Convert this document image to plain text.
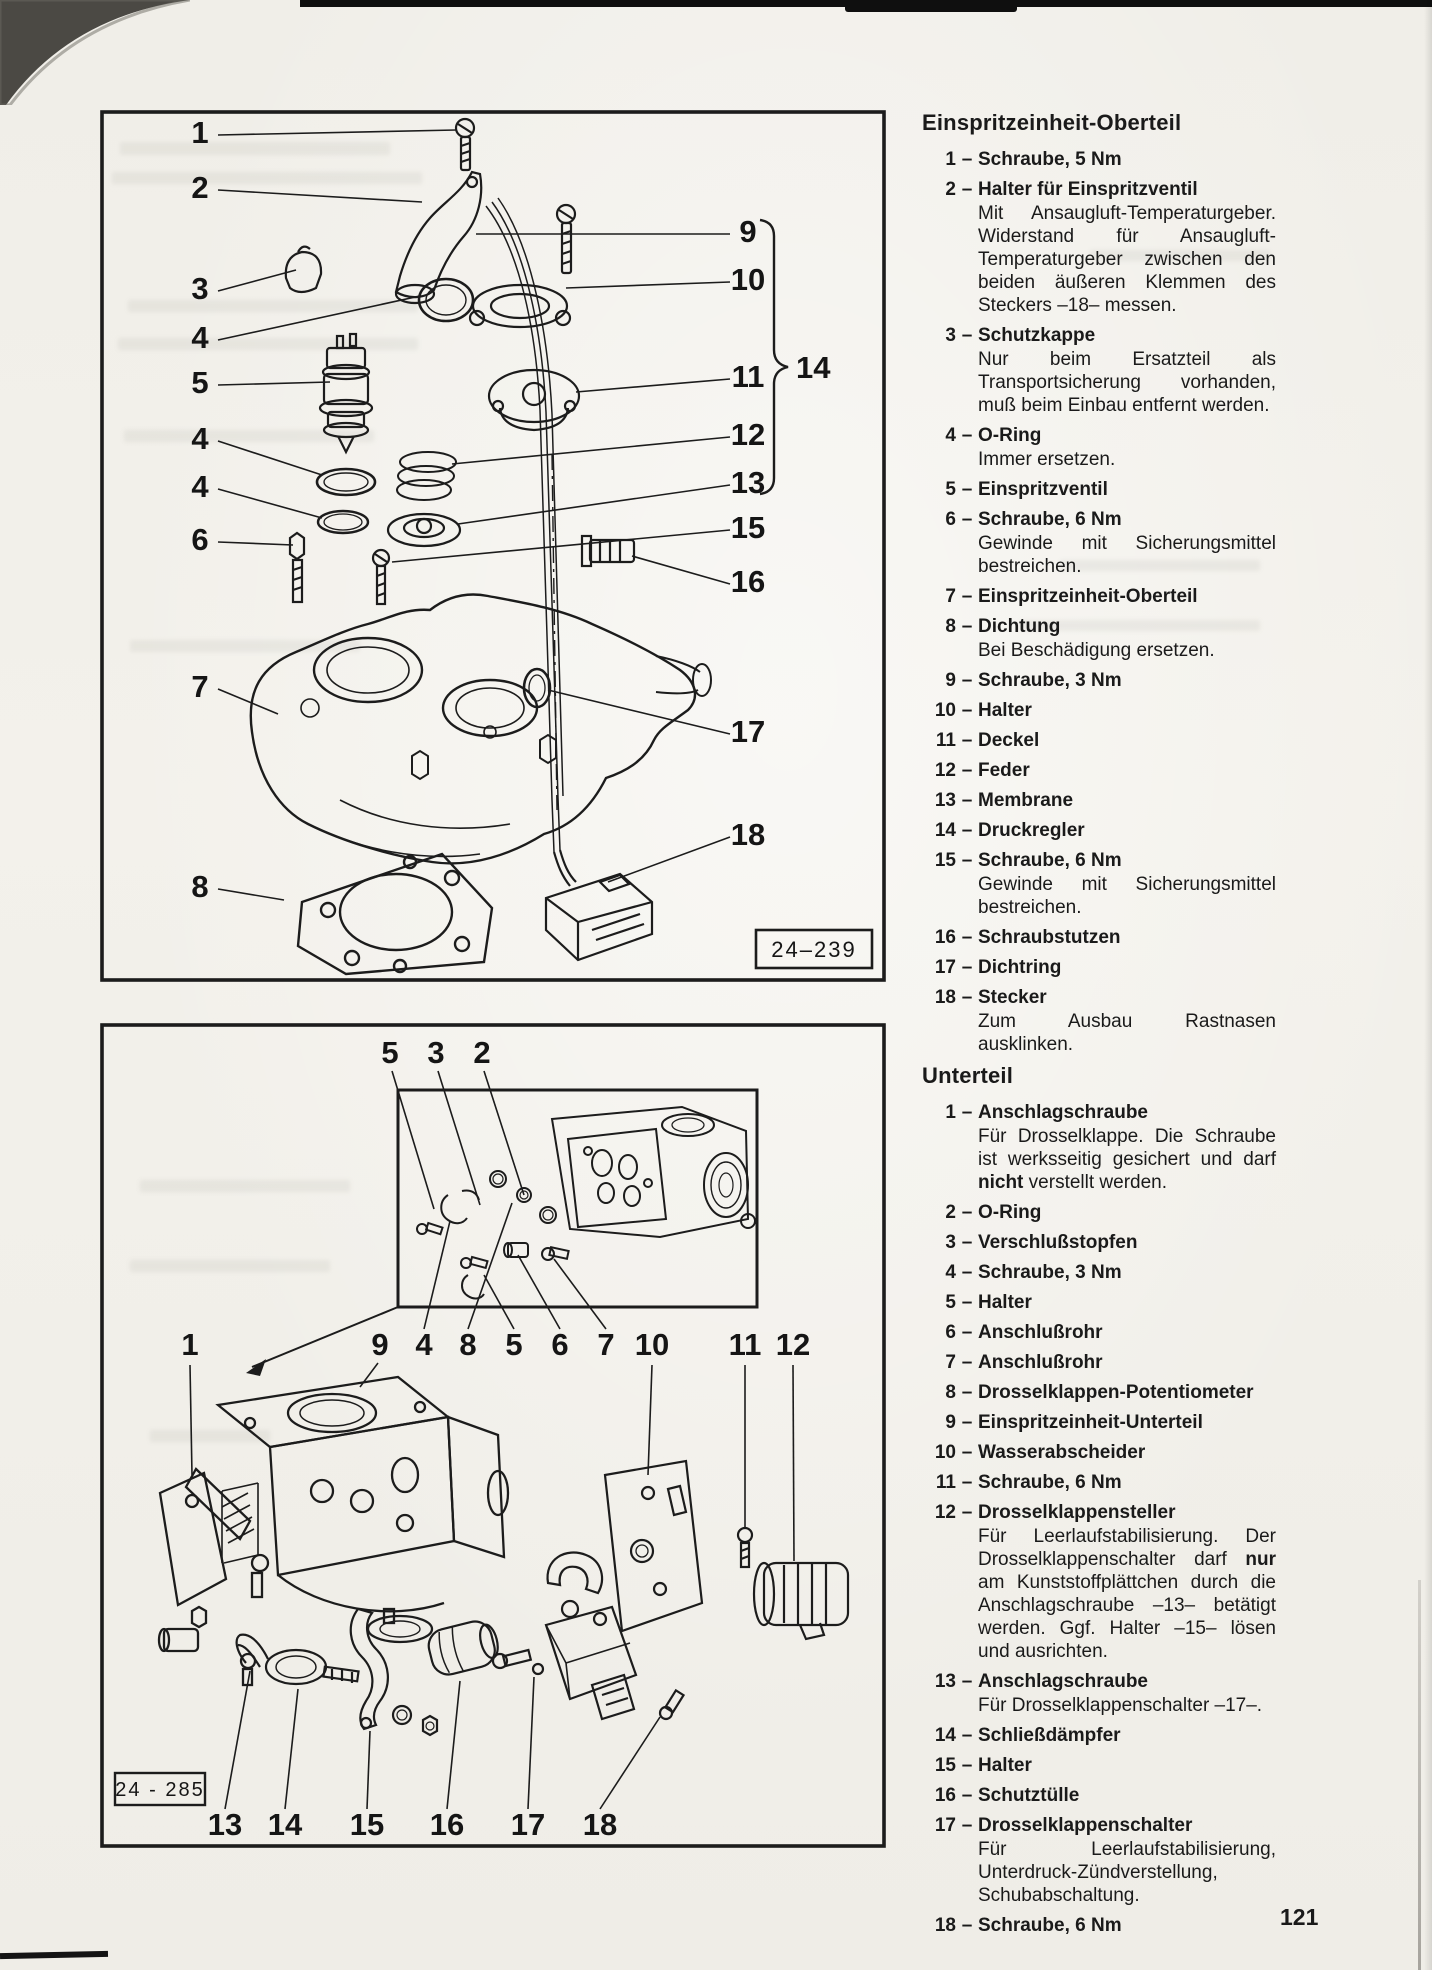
1
2
3
4
5
4
4
6
7
8
9
10
11
12
13
14
15
16
17
18
24–239
5 3 2
1	9 4 8 5 6 7 10 11 12
13 14 15 16 17 18
24 - 285
Einspritzeinheit-Oberteil
1 – Schraube, 5 Nm
2 – Halter für Einspritzventil

Mit Ansaugluft-Temperaturgeber. Widerstand für Ansaugluft-Temperaturgeber zwischen den beiden äußeren Klemmen des Steckers –18– messen.

3 – Schutzkappe

Nur beim Ersatzteil als Transportsicherung vorhanden, muß beim Einbau entfernt werden.

4 – O-Ring

Immer ersetzen.

5 – Einspritzventil
6 – Schraube, 6 Nm

Gewinde mit Sicherungsmittel bestreichen.

7 – Einspritzeinheit-Oberteil
8 – Dichtung

Bei Beschädigung ersetzen.

9 – Schraube, 3 Nm
10 – Halter
11 – Deckel
12 – Feder
13 – Membrane
14 – Druckregler
15 – Schraube, 6 Nm

Gewinde mit Sicherungsmittel bestreichen.

16 – Schraubstutzen
17 – Dichtring
18 – Stecker

Zum Ausbau Rastnasen ausklinken.

Unterteil
1 – Anschlagschraube

Für Drosselklappe. Die Schraube ist werksseitig gesichert und darf nicht verstellt werden.

2 – O-Ring
3 – Verschlußstopfen
4 – Schraube, 3 Nm
5 – Halter
6 – Anschlußrohr
7 – Anschlußrohr
8 – Drosselklappen-Potentiometer
9 – Einspritzeinheit-Unterteil
10 – Wasserabscheider
11 – Schraube, 6 Nm
12 – Drosselklappensteller

Für Leerlaufstabilisierung. Der Drosselklappenschalter darf nur am Kunststoffplättchen durch die Anschlagschraube –13– betätigt werden. Ggf. Halter –15– lösen und ausrichten.

13 – Anschlagschraube

Für Drosselklappenschalter –17–.

14 – Schließdämpfer
15 – Halter
16 – Schutztülle
17 – Drosselklappenschalter

Für Leerlaufstabilisierung, Unterdruck-Zündverstellung, Schubabschaltung.

18 – Schraube, 6 Nm	121
